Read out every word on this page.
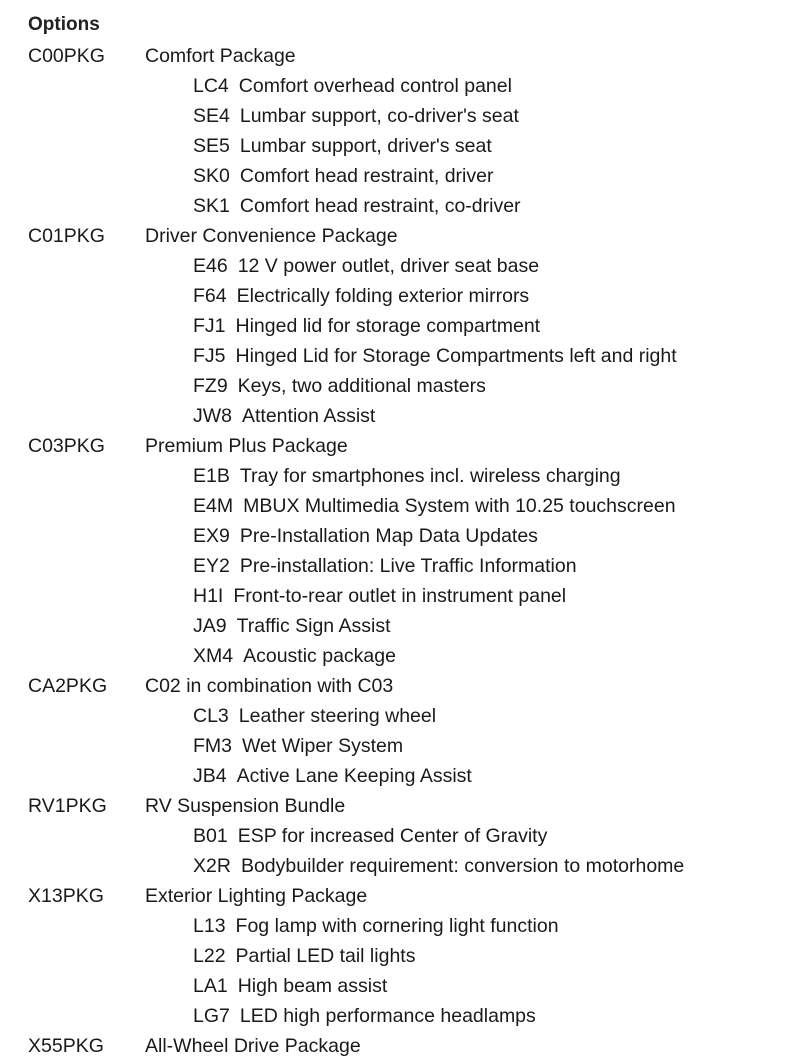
Options
C00PKG Comfort Package
LC4 Comfort overhead control panel
SE4 Lumbar support, co-driver's seat
SE5 Lumbar support, driver's seat
SK0 Comfort head restraint, driver
SK1 Comfort head restraint, co-driver
C01PKG Driver Convenience Package
E46 12 V power outlet, driver seat base
F64 Electrically folding exterior mirrors
FJ1 Hinged lid for storage compartment
FJ5 Hinged Lid for Storage Compartments left and right
FZ9 Keys, two additional masters
JW8 Attention Assist
C03PKG Premium Plus Package
E1B Tray for smartphones incl. wireless charging
E4M MBUX Multimedia System with 10.25 touchscreen
EX9 Pre-Installation Map Data Updates
EY2 Pre-installation: Live Traffic Information
H1I Front-to-rear outlet in instrument panel
JA9 Traffic Sign Assist
XM4 Acoustic package
CA2PKG C02 in combination with C03
CL3 Leather steering wheel
FM3 Wet Wiper System
JB4 Active Lane Keeping Assist
RV1PKG RV Suspension Bundle
B01 ESP for increased Center of Gravity
X2R Bodybuilder requirement: conversion to motorhome
X13PKG Exterior Lighting Package
L13 Fog lamp with cornering light function
L22 Partial LED tail lights
LA1 High beam assist
LG7 LED high performance headlamps
X55PKG All-Wheel Drive Package
